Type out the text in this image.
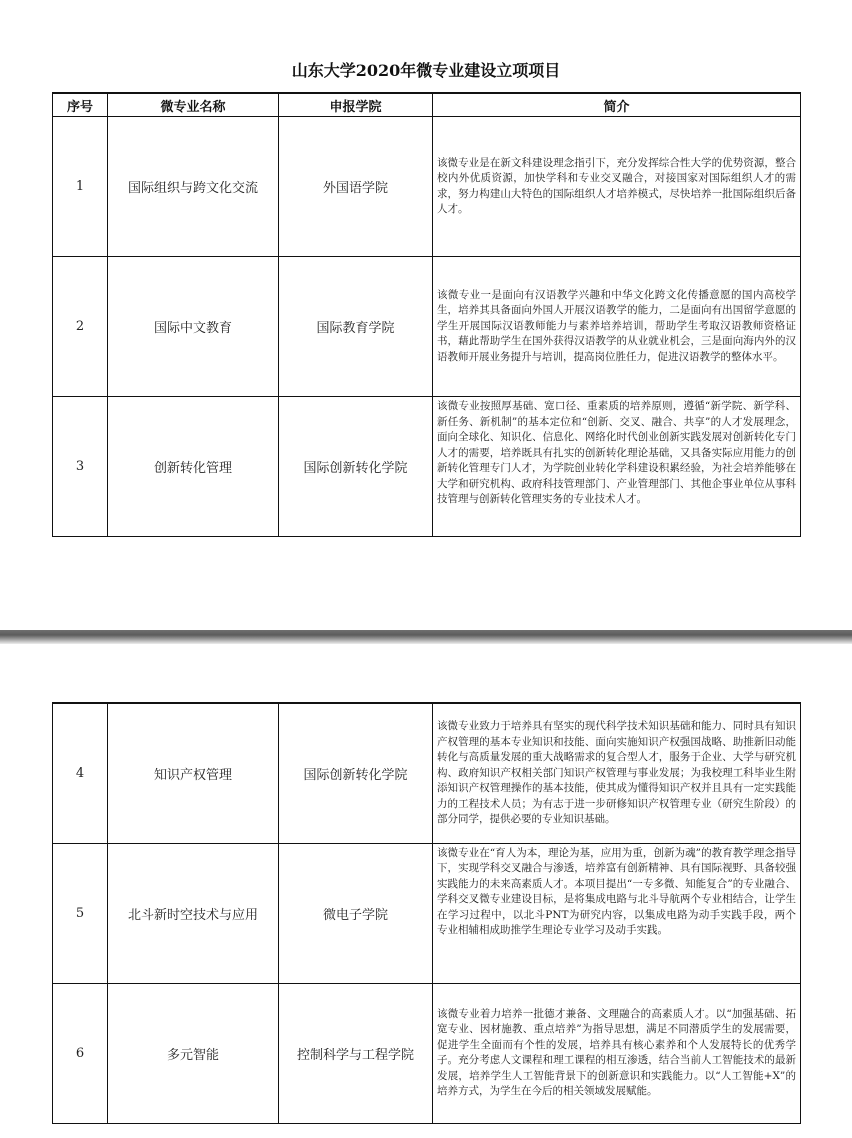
山东大学2020年微专业建设立项项目
序号	微专业名称	申报学院	简介
1	国际组织与跨文化交流	外国语学院	该微专业是在新文科建设理念指引下，充分发挥综合性大学的优势资源，整合校内外优质资源，加快学科和专业交叉融合，对接国家对国际组织人才的需求，努力构建山大特色的国际组织人才培养模式，尽快培养一批国际组织后备人才。
2	国际中文教育	国际教育学院	该微专业一是面向有汉语教学兴趣和中华文化跨文化传播意愿的国内高校学生，培养其具备面向外国人开展汉语教学的能力，二是面向有出国留学意愿的学生开展国际汉语教师能力与素养培养培训，帮助学生考取汉语教师资格证书，藉此帮助学生在国外获得汉语教学的从业就业机会，三是面向海内外的汉语教师开展业务提升与培训，提高岗位胜任力，促进汉语教学的整体水平。
3	创新转化管理	国际创新转化学院	该微专业按照厚基础、宽口径、重素质的培养原则，遵循“新学院、新学科、新任务、新机制”的基本定位和“创新、交叉、融合、共享”的人才发展理念，面向全球化、知识化、信息化、网络化时代创业创新实践发展对创新转化专门人才的需要，培养既具有扎实的创新转化理论基础，又具备实际应用能力的创新转化管理专门人才，为学院创业转化学科建设积累经验，为社会培养能够在大学和研究机构、政府科技管理部门、产业管理部门、其他企事业单位从事科技管理与创新转化管理实务的专业技术人才。
4	知识产权管理	国际创新转化学院	该微专业致力于培养具有坚实的现代科学技术知识基础和能力、同时具有知识产权管理的基本专业知识和技能、面向实施知识产权强国战略、助推新旧动能转化与高质量发展的重大战略需求的复合型人才，服务于企业、大学与研究机构、政府知识产权相关部门知识产权管理与事业发展；为我校理工科毕业生附添知识产权管理操作的基本技能，使其成为懂得知识产权并且具有一定实践能力的工程技术人员；为有志于进一步研修知识产权管理专业（研究生阶段）的部分同学，提供必要的专业知识基础。
5	北斗新时空技术与应用	微电子学院	该微专业在“育人为本，理论为基，应用为重，创新为魂”的教育教学理念指导下，实现学科交叉融合与渗透，培养富有创新精神、具有国际视野、具备较强实践能力的未来高素质人才。本项目提出“一专多微、知能复合”的专业融合、学科交叉微专业建设目标，是将集成电路与北斗导航两个专业相结合，让学生在学习过程中，以北斗PNT为研究内容，以集成电路为动手实践手段，两个专业相辅相成助推学生理论专业学习及动手实践。
6	多元智能	控制科学与工程学院	该微专业着力培养一批德才兼备、文理融合的高素质人才。以“加强基础、拓宽专业、因材施教、重点培养”为指导思想，满足不同潜质学生的发展需要，促进学生全面而有个性的发展，培养具有核心素养和个人发展特长的优秀学子。充分考虑人文课程和理工课程的相互渗透，结合当前人工智能技术的最新发展，培养学生人工智能背景下的创新意识和实践能力。以“人工智能+X”的培养方式，为学生在今后的相关领域发展赋能。
